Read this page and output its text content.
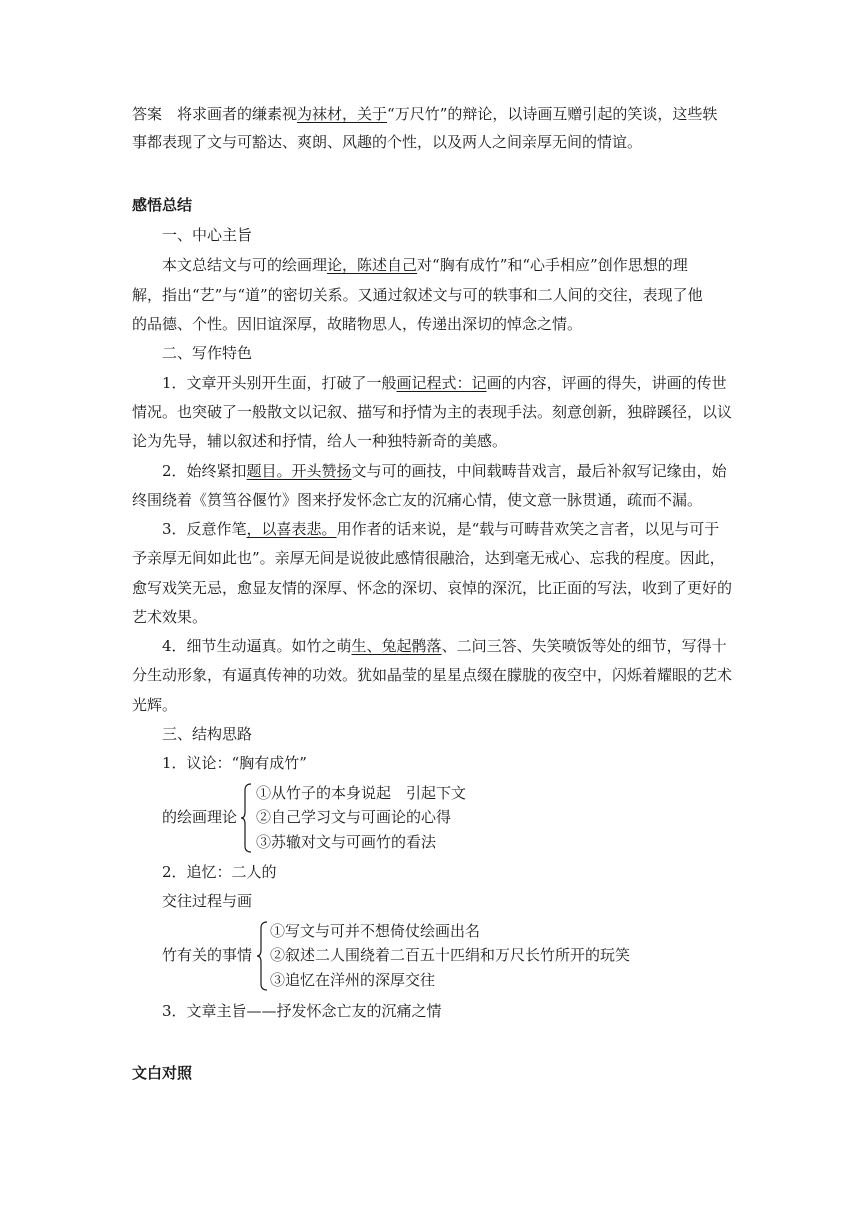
答案　将求画者的缣素视为袜材，关于“万尺竹”的辩论，以诗画互赠引起的笑谈，这些轶
事都表现了文与可豁达、爽朗、风趣的个性，以及两人之间亲厚无间的情谊。
感悟总结
一、中心主旨
本文总结文与可的绘画理论，陈述自己对“胸有成竹”和“心手相应”创作思想的理
解，指出“艺”与“道”的密切关系。又通过叙述文与可的轶事和二人间的交往，表现了他
的品德、个性。因旧谊深厚，故睹物思人，传递出深切的悼念之情。
二、写作特色
1．文章开头别开生面，打破了一般画记程式：记画的内容，评画的得失，讲画的传世
情况。也突破了一般散文以记叙、描写和抒情为主的表现手法。刻意创新，独辟蹊径，以议
论为先导，辅以叙述和抒情，给人一种独特新奇的美感。
2．始终紧扣题目。开头赞扬文与可的画技，中间载畴昔戏言，最后补叙写记缘由，始
终围绕着《筼筜谷偃竹》图来抒发怀念亡友的沉痛心情，使文意一脉贯通，疏而不漏。
3．反意作笔，以喜表悲。用作者的话来说，是“载与可畴昔欢笑之言者，以见与可于
予亲厚无间如此也”。亲厚无间是说彼此感情很融洽，达到毫无戒心、忘我的程度。因此，
愈写戏笑无忌，愈显友情的深厚、怀念的深切、哀悼的深沉，比正面的写法，收到了更好的
艺术效果。
4．细节生动逼真。如竹之萌生、兔起鹘落、二问三答、失笑喷饭等处的细节，写得十
分生动形象，有逼真传神的功效。犹如晶莹的星星点缀在朦胧的夜空中，闪烁着耀眼的艺术
光辉。
三、结构思路
1．议论：“胸有成竹”
的绘画理论
①从竹子的本身说起　引起下文
②自己学习文与可画论的心得
③苏辙对文与可画竹的看法
2．追忆：二人的
交往过程与画
竹有关的事情
①写文与可并不想倚仗绘画出名
②叙述二人围绕着二百五十匹绢和万尺长竹所开的玩笑
③追忆在洋州的深厚交往
3．文章主旨——抒发怀念亡友的沉痛之情
文白对照
